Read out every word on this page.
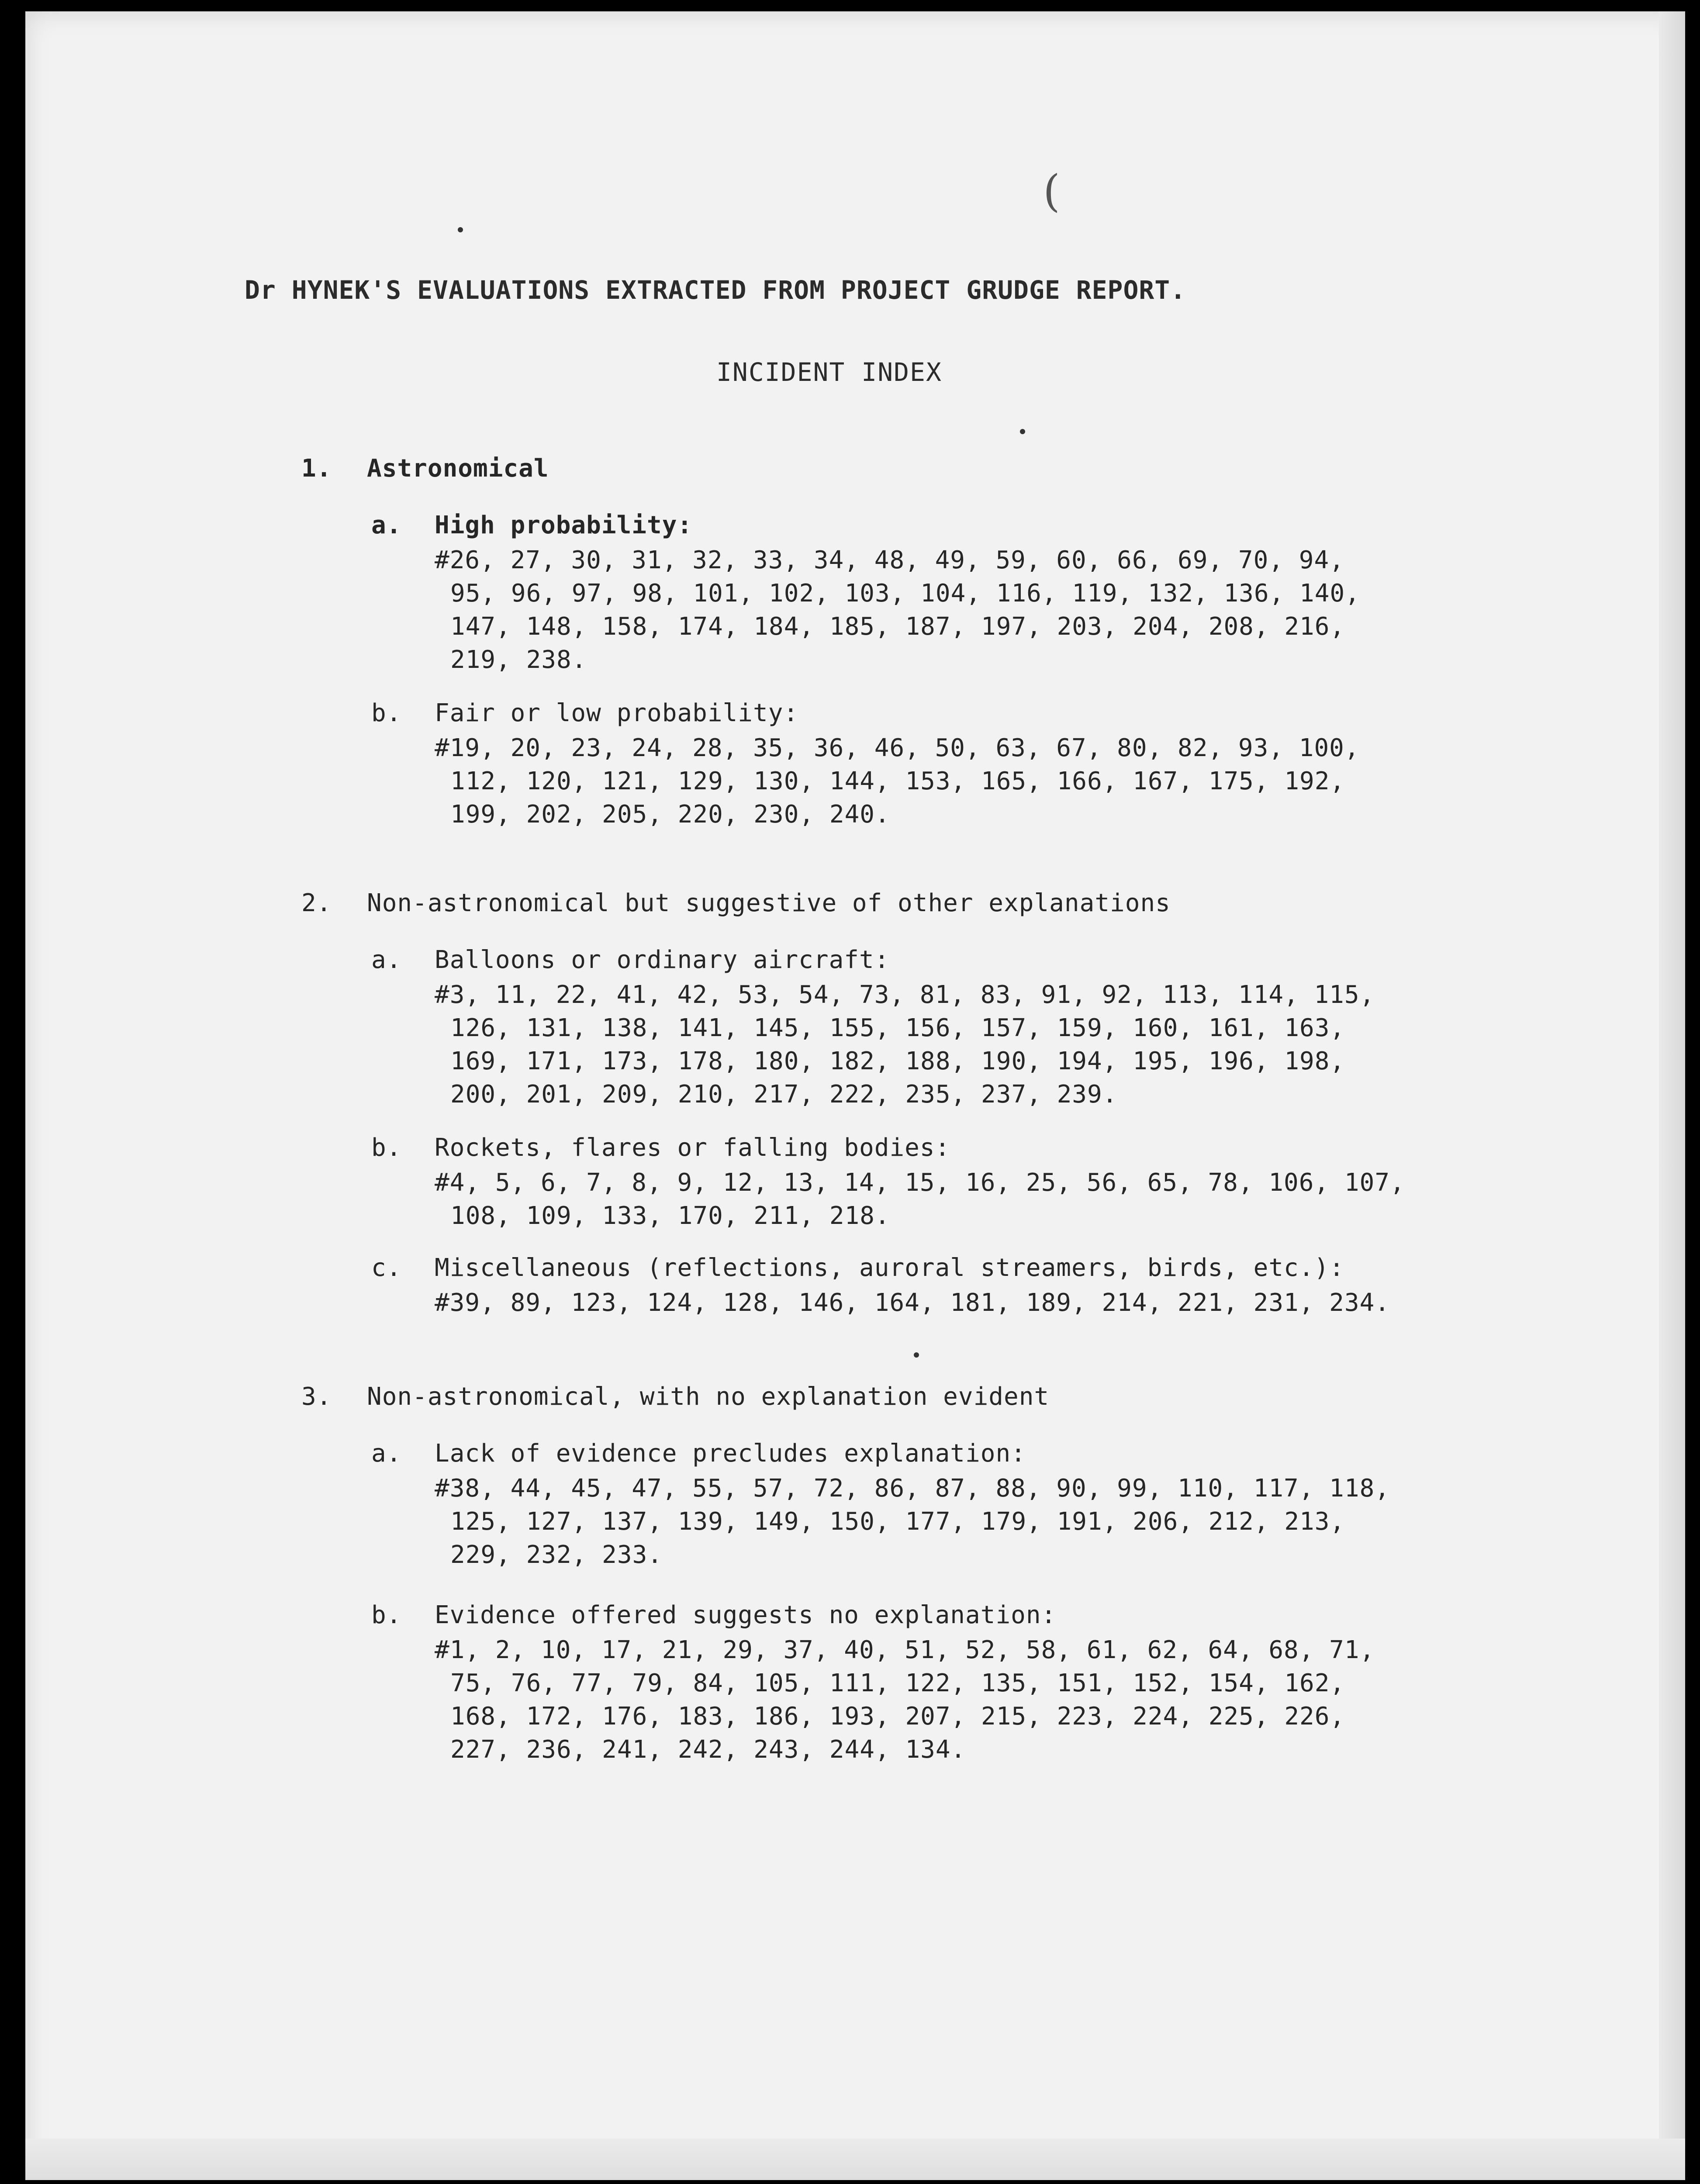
(
Dr HYNEK'S EVALUATIONS EXTRACTED FROM PROJECT GRUDGE REPORT.
INCIDENT INDEX
1.	Astronomical
a.	High probability:
#26, 27, 30, 31, 32, 33, 34, 48, 49, 59, 60, 66, 69, 70, 94,
95, 96, 97, 98, 101, 102, 103, 104, 116, 119, 132, 136, 140,
147, 148, 158, 174, 184, 185, 187, 197, 203, 204, 208, 216,
219, 238.
b.	Fair or low probability:
#19, 20, 23, 24, 28, 35, 36, 46, 50, 63, 67, 80, 82, 93, 100,
112, 120, 121, 129, 130, 144, 153, 165, 166, 167, 175, 192,
199, 202, 205, 220, 230, 240.
2.	Non-astronomical but suggestive of other explanations
a.	Balloons or ordinary aircraft:
#3, 11, 22, 41, 42, 53, 54, 73, 81, 83, 91, 92, 113, 114, 115,
126, 131, 138, 141, 145, 155, 156, 157, 159, 160, 161, 163,
169, 171, 173, 178, 180, 182, 188, 190, 194, 195, 196, 198,
200, 201, 209, 210, 217, 222, 235, 237, 239.
b.	Rockets, flares or falling bodies:
#4, 5, 6, 7, 8, 9, 12, 13, 14, 15, 16, 25, 56, 65, 78, 106, 107,
108, 109, 133, 170, 211, 218.
c.	Miscellaneous (reflections, auroral streamers, birds, etc.):
#39, 89, 123, 124, 128, 146, 164, 181, 189, 214, 221, 231, 234.
3.	Non-astronomical, with no explanation evident
a.	Lack of evidence precludes explanation:
#38, 44, 45, 47, 55, 57, 72, 86, 87, 88, 90, 99, 110, 117, 118,
125, 127, 137, 139, 149, 150, 177, 179, 191, 206, 212, 213,
229, 232, 233.
b.	Evidence offered suggests no explanation:
#1, 2, 10, 17, 21, 29, 37, 40, 51, 52, 58, 61, 62, 64, 68, 71,
75, 76, 77, 79, 84, 105, 111, 122, 135, 151, 152, 154, 162,
168, 172, 176, 183, 186, 193, 207, 215, 223, 224, 225, 226,
227, 236, 241, 242, 243, 244, 134.
